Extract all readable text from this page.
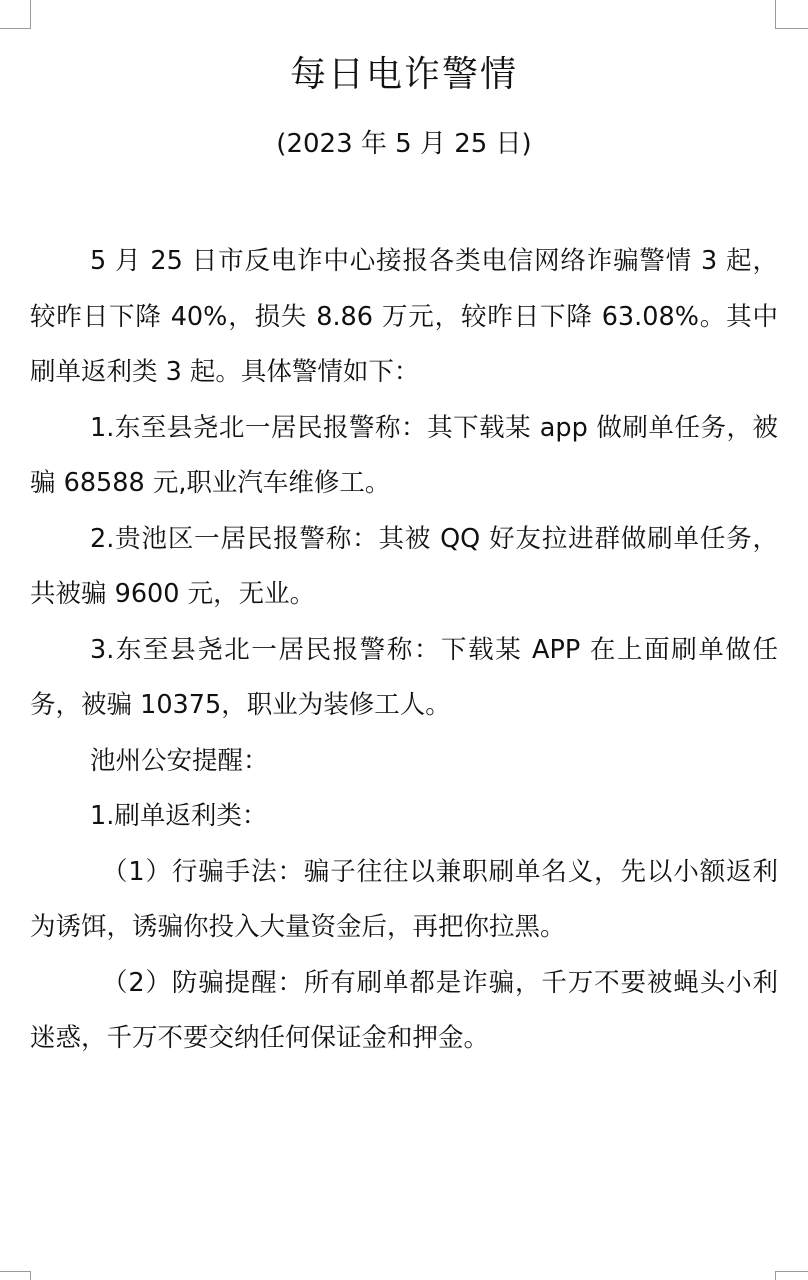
每日电诈警情
(2023 年 5 月 25 日)

5 月 25 日市反电诈中心接报各类电信网络诈骗警情 3 起，较昨日下降 40%，损失 8.86 万元，较昨日下降 63.08%。其中刷单返利类 3 起。具体警情如下：

1.东至县尧北一居民报警称：其下载某 app 做刷单任务，被骗 68588 元,职业汽车维修工。

2.贵池区一居民报警称：其被 QQ 好友拉进群做刷单任务，共被骗 9600 元，无业。

3.东至县尧北一居民报警称：下载某 APP 在上面刷单做任务，被骗 10375，职业为装修工人。

池州公安提醒：

1.刷单返利类：

（1）行骗手法：骗子往往以兼职刷单名义，先以小额返利为诱饵，诱骗你投入大量资金后，再把你拉黑。

（2）防骗提醒：所有刷单都是诈骗，千万不要被蝇头小利迷惑，千万不要交纳任何保证金和押金。
